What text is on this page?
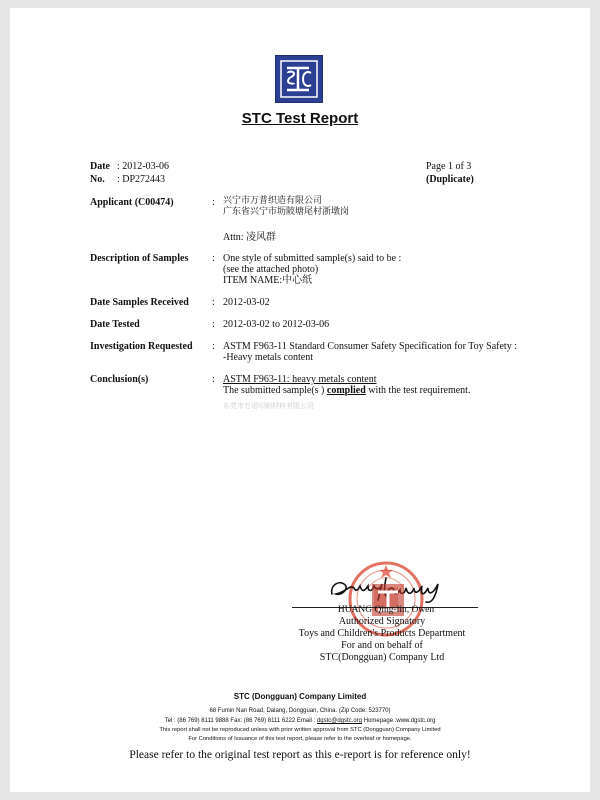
STC Test Report
Date : 2012-03-06
No. : DP272443
Page 1 of 3
(Duplicate)
Applicant (C00474)	: 兴宁市万普织造有限公司
广东省兴宁市坜陂塘尾村浙墩岗
Attn: 凌风群
Description of Samples : One style of submitted sample(s) said to be :
(see the attached photo)
ITEM NAME:中心纸
Date Samples Received : 2012-03-02
Date Tested	: 2012-03-02 to 2012-03-06
Investigation Requested : ASTM F963-11 Standard Consumer Safety Specification for Toy Safety :
-Heavy metals content
Conclusion(s)	: ASTM F963-11: heavy metals content
The submitted sample(s ) complied with the test requirement.
东莞市万诺印刷材料有限公司
HUANG Qing-lin, Owen
Authorized Signatory
Toys and Children's Products Department
For and on behalf of
STC(Dongguan) Company Ltd
STC (Dongguan) Company Limited
68 Fumin Nan Road, Dalang, Dongguan, China. (Zip Code: 523770)
Tel : (86 769) 8111 9888 Fax: (86 769) 8111 6222 Email : dgstc@dgstc.org Homepage :www.dgstc.org
This report shall not be reproduced unless with prior written approval from STC (Dongguan) Company Limited
For Conditions of Issuance of this test report, please refer to the overleaf or homepage.
Please refer to the original test report as this e-report is for reference only!
